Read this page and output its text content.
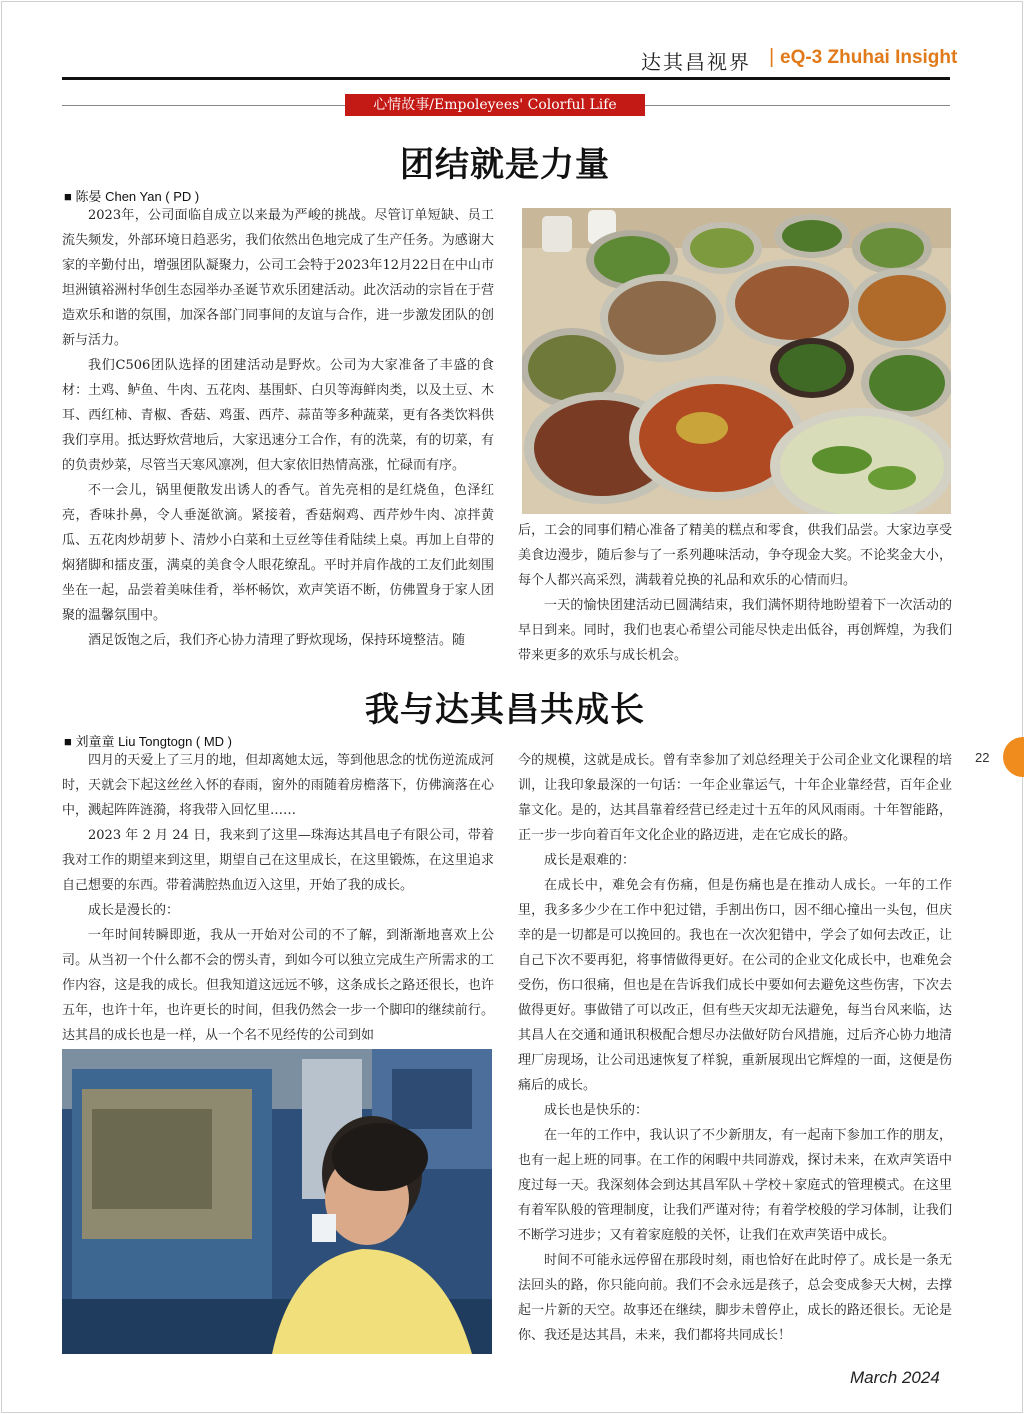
达其昌视界 | eQ-3 Zhuhai Insight
心情故事/Empoleyees' Colorful Life
团结就是力量
■ 陈晏 Chen Yan ( PD )

2023年，公司面临自成立以来最为严峻的挑战。尽管订单短缺、员工流失频发，外部环境日趋恶劣，我们依然出色地完成了生产任务。为感谢大家的辛勤付出，增强团队凝聚力，公司工会特于2023年12月22日在中山市坦洲镇裕洲村华创生态园举办圣诞节欢乐团建活动。此次活动的宗旨在于营造欢乐和谐的氛围，加深各部门同事间的友谊与合作，进一步激发团队的创新与活力。

我们C506团队选择的团建活动是野炊。公司为大家准备了丰盛的食材：土鸡、鲈鱼、牛肉、五花肉、基围虾、白贝等海鲜肉类，以及土豆、木耳、西红柿、青椒、香菇、鸡蛋、西芹、蒜苗等多种蔬菜，更有各类饮料供我们享用。抵达野炊营地后，大家迅速分工合作，有的洗菜，有的切菜，有的负责炒菜，尽管当天寒风凛冽，但大家依旧热情高涨，忙碌而有序。

不一会儿，锅里便散发出诱人的香气。首先亮相的是红烧鱼，色泽红亮，香味扑鼻，令人垂涎欲滴。紧接着，香菇焖鸡、西芹炒牛肉、凉拌黄瓜、五花肉炒胡萝卜、清炒小白菜和土豆丝等佳肴陆续上桌。再加上自带的焖猪脚和擂皮蛋，满桌的美食令人眼花缭乱。平时并肩作战的工友们此刻围坐在一起，品尝着美味佳肴，举杯畅饮，欢声笑语不断，仿佛置身于家人团聚的温馨氛围中。

酒足饭饱之后，我们齐心协力清理了野炊现场，保持环境整洁。随

后，工会的同事们精心准备了精美的糕点和零食，供我们品尝。大家边享受美食边漫步，随后参与了一系列趣味活动，争夺现金大奖。不论奖金大小，每个人都兴高采烈，满载着兑换的礼品和欢乐的心情而归。

一天的愉快团建活动已圆满结束，我们满怀期待地盼望着下一次活动的早日到来。同时，我们也衷心希望公司能尽快走出低谷，再创辉煌，为我们带来更多的欢乐与成长机会。

我与达其昌共成长
■ 刘童童 Liu Tongtogn ( MD )

四月的天爱上了三月的地，但却离她太远，等到他思念的忧伤逆流成河时，天就会下起这丝丝入怀的春雨，窗外的雨随着房檐落下，仿佛滴落在心中，溅起阵阵涟漪，将我带入回忆里……

2023 年 2 月 24 日，我来到了这里—珠海达其昌电子有限公司，带着我对工作的期望来到这里，期望自己在这里成长，在这里锻炼，在这里追求自己想要的东西。带着满腔热血迈入这里，开始了我的成长。

成长是漫长的：

一年时间转瞬即逝，我从一开始对公司的不了解，到渐渐地喜欢上公司。从当初一个什么都不会的愣头青，到如今可以独立完成生产所需求的工作内容，这是我的成长。但我知道这远远不够，这条成长之路还很长，也许五年，也许十年，也许更长的时间，但我仍然会一步一个脚印的继续前行。达其昌的成长也是一样，从一个名不见经传的公司到如

今的规模，这就是成长。曾有幸参加了刘总经理关于公司企业文化课程的培训，让我印象最深的一句话：一年企业靠运气，十年企业靠经营，百年企业靠文化。是的，达其昌靠着经营已经走过十五年的风风雨雨。十年智能路，正一步一步向着百年文化企业的路迈进，走在它成长的路。

成长是艰难的：

在成长中，难免会有伤痛，但是伤痛也是在推动人成长。一年的工作里，我多多少少在工作中犯过错，手割出伤口，因不细心撞出一头包，但庆幸的是一切都是可以挽回的。我也在一次次犯错中，学会了如何去改正，让自己下次不要再犯，将事情做得更好。在公司的企业文化成长中，也难免会受伤，伤口很痛，但也是在告诉我们成长中要如何去避免这些伤害，下次去做得更好。事做错了可以改正，但有些天灾却无法避免，每当台风来临，达其昌人在交通和通讯积极配合想尽办法做好防台风措施，过后齐心协力地清理厂房现场，让公司迅速恢复了样貌，重新展现出它辉煌的一面，这便是伤痛后的成长。

成长也是快乐的：

在一年的工作中，我认识了不少新朋友，有一起南下参加工作的朋友，也有一起上班的同事。在工作的闲暇中共同游戏，探讨未来，在欢声笑语中度过每一天。我深刻体会到达其昌军队＋学校＋家庭式的管理模式。在这里有着军队般的管理制度，让我们严谨对待；有着学校般的学习体制，让我们不断学习进步；又有着家庭般的关怀，让我们在欢声笑语中成长。

时间不可能永远停留在那段时刻，雨也恰好在此时停了。成长是一条无法回头的路，你只能向前。我们不会永远是孩子，总会变成参天大树，去撑起一片新的天空。故事还在继续，脚步未曾停止，成长的路还很长。无论是你、我还是达其昌，未来，我们都将共同成长！

22
March 2024
